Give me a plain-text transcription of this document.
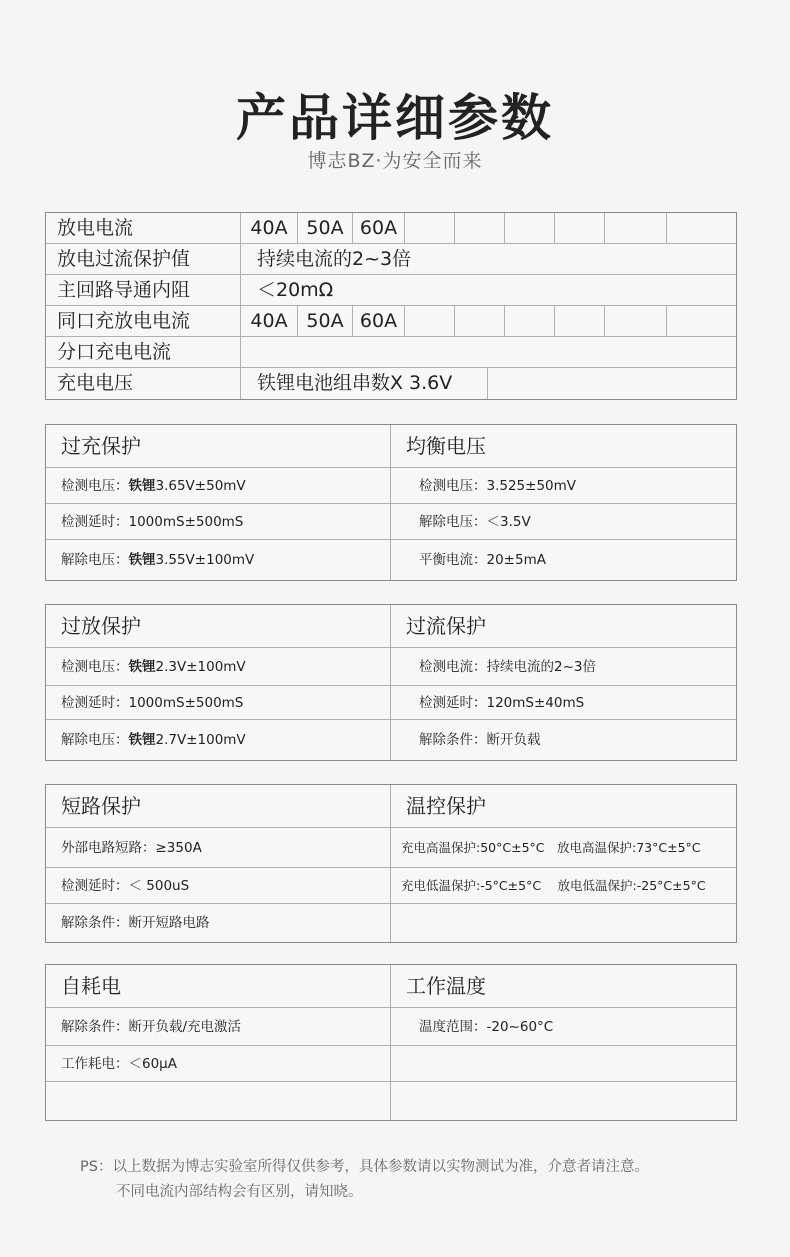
产品详细参数
博志BZ·为安全而来
放电电流	40A 50A 60A
放电过流保护值	持续电流的2~3倍
主回路导通内阻	＜20mΩ
同口充放电电流	40A 50A 60A
分口充电电流
充电电压	铁锂电池组串数X 3.6V
过充保护	均衡电压
检测电压：铁锂3.65V±50mV	检测电压：3.525±50mV
检测延时：1000mS±500mS	解除电压：＜3.5V
解除电压：铁锂3.55V±100mV	平衡电流：20±5mA
过放保护	过流保护
检测电压：铁锂2.3V±100mV	检测电流：持续电流的2~3倍
检测延时：1000mS±500mS	检测延时：120mS±40mS
解除电压：铁锂2.7V±100mV	解除条件：断开负载
短路保护	温控保护
外部电路短路：≥350A	充电高温保护:50°C±5°C　放电高温保护:73°C±5°C
检测延时：＜ 500uS	充电低温保护:-5°C±5°C　 放电低温保护:-25°C±5°C
解除条件：断开短路电路
自耗电	工作温度
解除条件：断开负载/充电激活	温度范围：-20~60°C
工作耗电：＜60μA
PS：以上数据为博志实验室所得仅供参考，具体参数请以实物测试为准，介意者请注意。
不同电流内部结构会有区别，请知晓。
